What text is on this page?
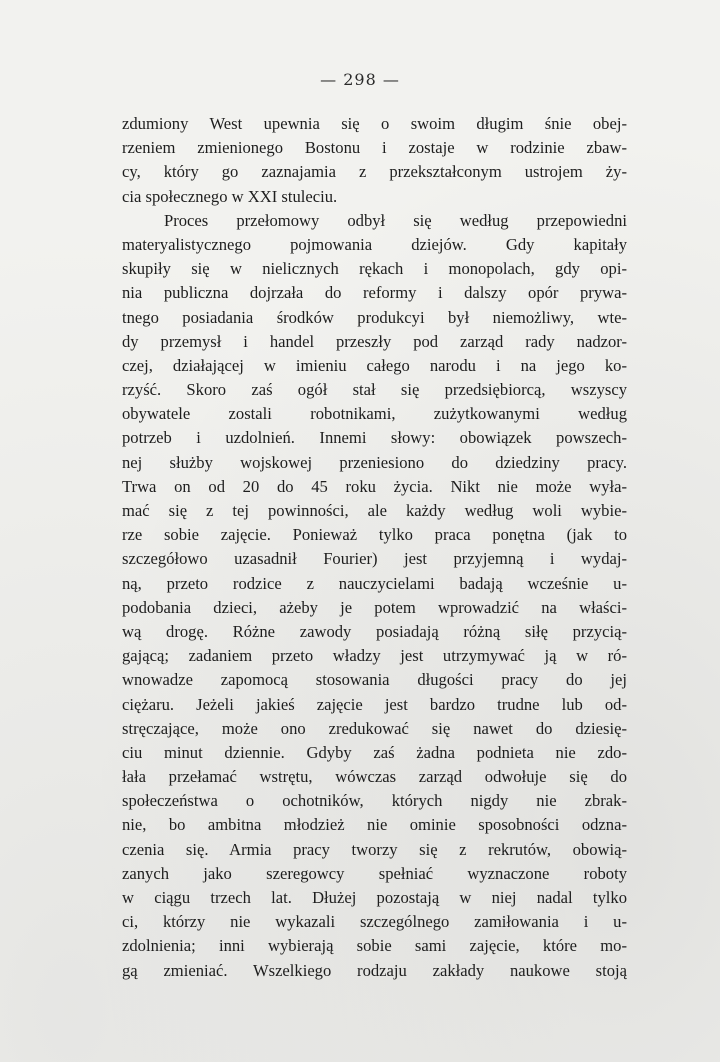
— 298 —
zdumiony West upewnia się o swoim długim śnie obej-
rzeniem zmienionego Bostonu i zostaje w rodzinie zbaw-
cy, który go zaznajamia z przekształconym ustrojem ży-
cia społecznego w XXI stuleciu.
Proces przełomowy odbył się według przepowiedni
materyalistycznego pojmowania dziejów. Gdy kapitały
skupiły się w nielicznych rękach i monopolach, gdy opi-
nia publiczna dojrzała do reformy i dalszy opór prywa-
tnego posiadania środków produkcyi był niemożliwy, wte-
dy przemysł i handel przeszły pod zarząd rady nadzor-
czej, działającej w imieniu całego narodu i na jego ko-
rzyść. Skoro zaś ogół stał się przedsiębiorcą, wszyscy
obywatele zostali robotnikami, zużytkowanymi według
potrzeb i uzdolnień. Innemi słowy: obowiązek powszech-
nej służby wojskowej przeniesiono do dziedziny pracy.
Trwa on od 20 do 45 roku życia. Nikt nie może wyła-
mać się z tej powinności, ale każdy według woli wybie-
rze sobie zajęcie. Ponieważ tylko praca ponętna (jak to
szczegółowo uzasadnił Fourier) jest przyjemną i wydaj-
ną, przeto rodzice z nauczycielami badają wcześnie u-
podobania dzieci, ażeby je potem wprowadzić na właści-
wą drogę. Różne zawody posiadają różną siłę przycią-
gającą; zadaniem przeto władzy jest utrzymywać ją w ró-
wnowadze zapomocą stosowania długości pracy do jej
ciężaru. Jeżeli jakieś zajęcie jest bardzo trudne lub od-
stręczające, może ono zredukować się nawet do dziesię-
ciu minut dziennie. Gdyby zaś żadna podnieta nie zdo-
łała przełamać wstrętu, wówczas zarząd odwołuje się do
społeczeństwa o ochotników, których nigdy nie zbrak-
nie, bo ambitna młodzież nie ominie sposobności odzna-
czenia się. Armia pracy tworzy się z rekrutów, obowią-
zanych jako szeregowcy spełniać wyznaczone roboty
w ciągu trzech lat. Dłużej pozostają w niej nadal tylko
ci, którzy nie wykazali szczególnego zamiłowania i u-
zdolnienia; inni wybierają sobie sami zajęcie, które mo-
gą zmieniać. Wszelkiego rodzaju zakłady naukowe stoją
